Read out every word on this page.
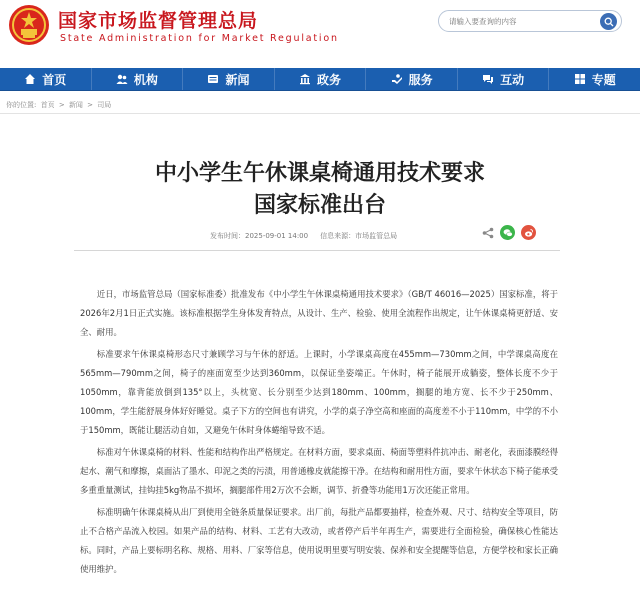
国家市场监督管理总局
State Administration for Market Regulation
请输入要查询的内容
首页	机构	新闻	政务	服务	互动	专题
你的位置: 首页 > 新闻 > 司局
中小学生午休课桌椅通用技术要求
国家标准出台
发布时间：2025-09-01 14:00 信息来源：市场监管总局

近日，市场监管总局（国家标准委）批准发布《中小学生午休课桌椅通用技术要求》（GB/T 46016—2025）国家标准，将于2026年2月1日正式实施。该标准根据学生身体发育特点，从设计、生产、检验、使用全流程作出规定，让午休课桌椅更舒适、安全、耐用。

标准要求午休课桌椅形态尺寸兼顾学习与午休的舒适。上课时，小学课桌高度在455mm—730mm之间，中学课桌高度在565mm—790mm之间，椅子的座面宽至少达到360mm，以保证坐姿端正。午休时，椅子能展开成躺姿，整体长度不少于1050mm，靠背能放倒到135°以上，头枕宽、长分别至少达到180mm、100mm，搁腿的地方宽、长不少于250mm、100mm，学生能舒展身体好好睡觉。桌子下方的空间也有讲究，小学的桌子净空高和座面的高度差不小于110mm，中学的不小于150mm，既能让腿活动自如，又避免午休时身体蜷缩导致不适。

标准对午休课桌椅的材料、性能和结构作出严格规定。在材料方面，要求桌面、椅面等塑料件抗冲击、耐老化，表面漆膜经得起水、潮气和摩擦，桌面沾了墨水、印泥之类的污渍，用普通橡皮就能擦干净。在结构和耐用性方面，要求午休状态下椅子能承受多重重量测试，挂钩挂5kg物品不损坏，搁腿部件用2万次不会断，调节、折叠等功能用1万次还能正常用。

标准明确午休课桌椅从出厂到使用全链条质量保证要求。出厂前，每批产品都要抽样，检查外观、尺寸、结构安全等项目，防止不合格产品流入校园。如果产品的结构、材料、工艺有大改动，或者停产后半年再生产，需要进行全面检验，确保核心性能达标。同时，产品上要标明名称、规格、用料、厂家等信息，使用说明里要写明安装、保养和安全提醒等信息，方便学校和家长正确使用维护。
